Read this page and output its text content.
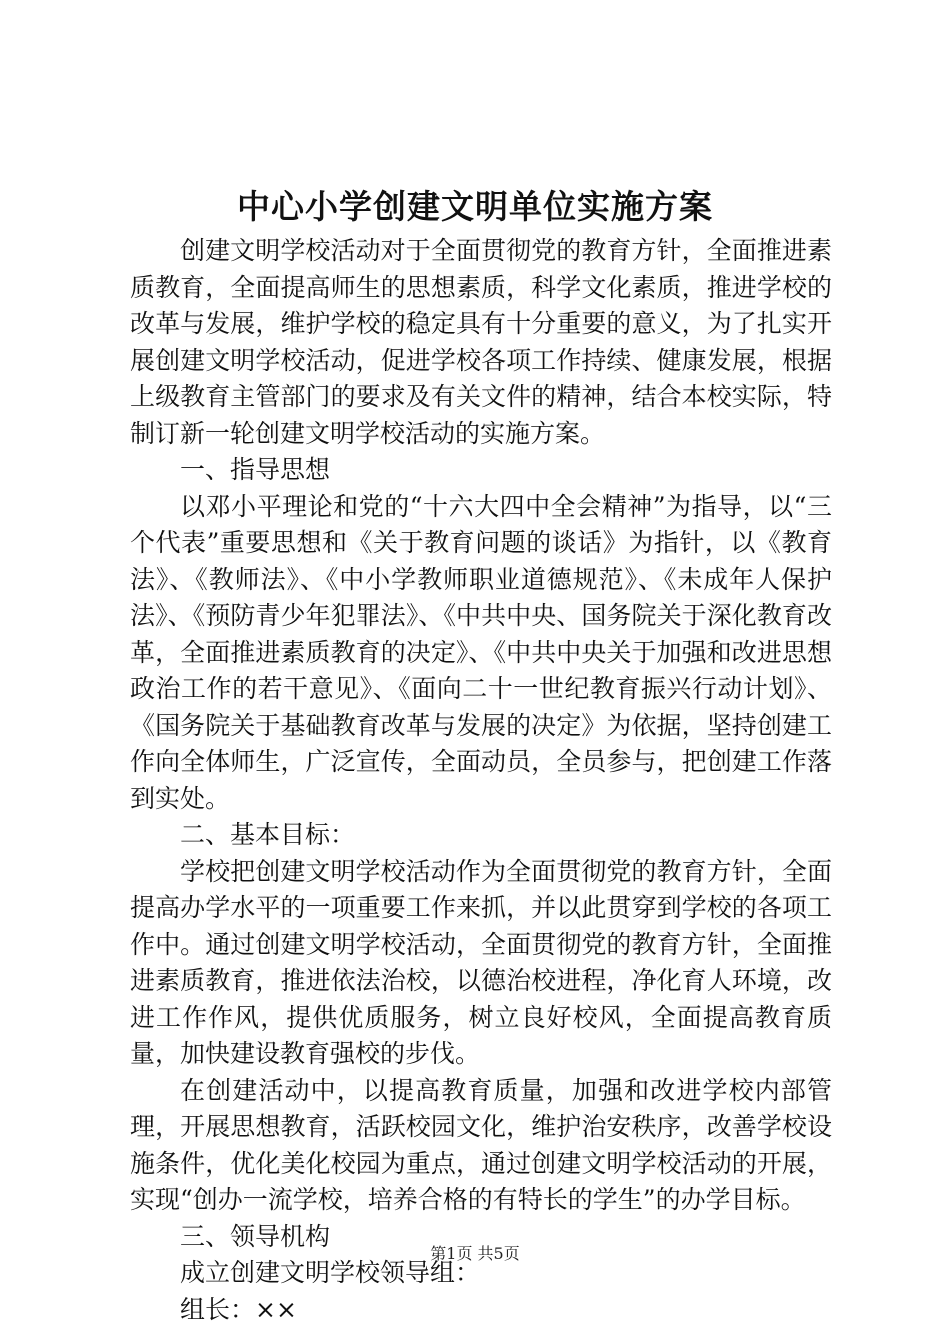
中心小学创建文明单位实施方案

创建文明学校活动对于全面贯彻党的教育方针，全面推进素质教育，全面提高师生的思想素质，科学文化素质，推进学校的改革与发展，维护学校的稳定具有十分重要的意义，为了扎实开展创建文明学校活动，促进学校各项工作持续、健康发展，根据上级教育主管部门的要求及有关文件的精神，结合本校实际，特制订新一轮创建文明学校活动的实施方案。

一、指导思想

以邓小平理论和党的“十六大四中全会精神”为指导，以“三个代表”重要思想和《关于教育问题的谈话》为指针，以《教育法》、《教师法》、《中小学教师职业道德规范》、《未成年人保护法》、《预防青少年犯罪法》、《中共中央、国务院关于深化教育改革，全面推进素质教育的决定》、《中共中央关于加强和改进思想政治工作的若干意见》、《面向二十一世纪教育振兴行动计划》、《国务院关于基础教育改革与发展的决定》为依据，坚持创建工作向全体师生，广泛宣传，全面动员，全员参与，把创建工作落到实处。

二、基本目标：

学校把创建文明学校活动作为全面贯彻党的教育方针，全面提高办学水平的一项重要工作来抓，并以此贯穿到学校的各项工作中。通过创建文明学校活动，全面贯彻党的教育方针，全面推进素质教育，推进依法治校，以德治校进程，净化育人环境，改进工作作风，提供优质服务，树立良好校风，全面提高教育质量，加快建设教育强校的步伐。

在创建活动中，以提高教育质量，加强和改进学校内部管理，开展思想教育，活跃校园文化，维护治安秩序，改善学校设施条件，优化美化校园为重点，通过创建文明学校活动的开展，实现“创办一流学校，培养合格的有特长的学生”的办学目标。

三、领导机构

成立创建文明学校领导组：

组长：××

第1页 共5页
